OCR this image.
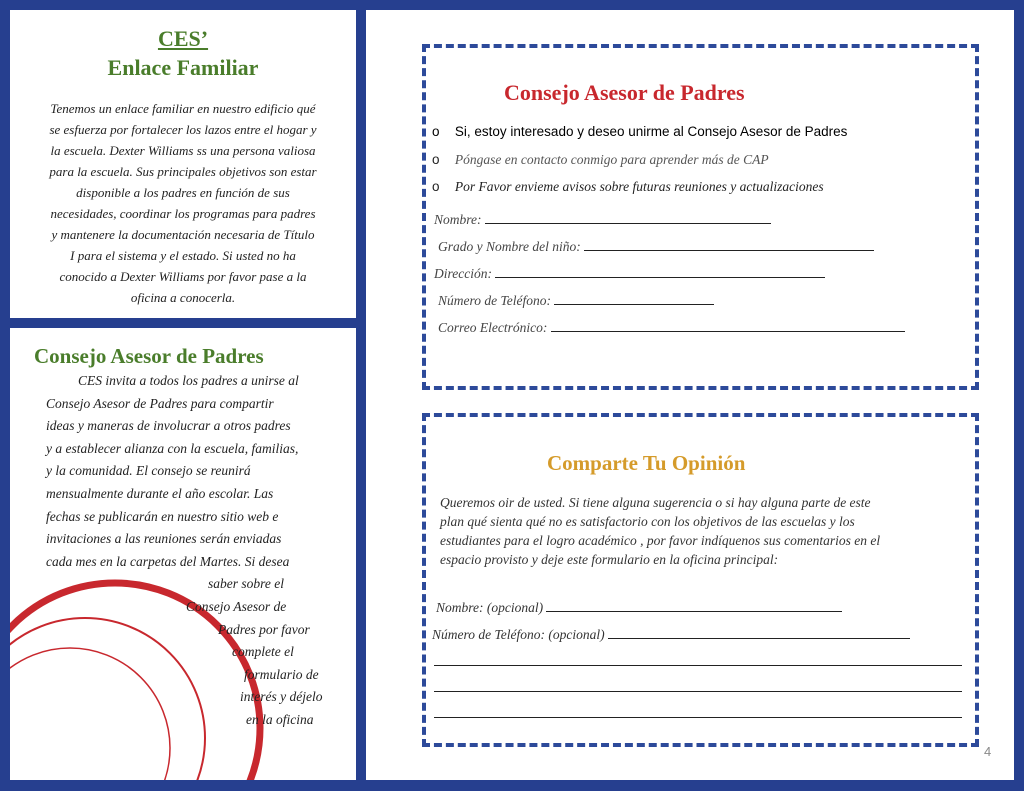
CES’
Enlace Familiar
Tenemos un enlace familiar en nuestro edificio qué
se esfuerza por fortalecer los lazos entre el hogar y
la escuela. Dexter Williams ss una persona valiosa
para la escuela. Sus principales objetivos son estar
disponible a los padres en función de sus
necesidades, coordinar los programas para padres
y mantenere la documentación necesaria de Título
I para el sistema y el estado. Si usted no ha
conocido a Dexter Williams por favor pase a la
oficina a conocerla.
Consejo Asesor de Padres
CES invita a todos los padres a unirse al
Consejo Asesor de Padres para compartir
ideas y maneras de involucrar a otros padres
y a establecer alianza con la escuela, familias,
y la comunidad. El consejo se reunirá
mensualmente durante el año escolar. Las
fechas se publicarán en nuestro sitio web e
invitaciones a las reuniones serán enviadas
cada mes en la carpetas del Martes. Si desea
saber sobre el
Consejo Asesor de
Padres por favor
complete el
formulario de
interés y déjelo
en la oficina
Consejo Asesor de Padres
o Si, estoy interesado y deseo unirme al Consejo Asesor de Padres
o Póngase en contacto conmigo para aprender más de CAP
o Por Favor envieme avisos sobre futuras reuniones y actualizaciones
Nombre:
Grado y Nombre del niño:
Dirección:
Número de Teléfono:
Correo Electrónico:
Comparte Tu Opinión
Queremos oir de usted. Si tiene alguna sugerencia o si hay alguna parte de este
plan qué sienta qué no es satisfactorio con los objetivos de las escuelas y los
estudiantes para el logro académico , por favor indíquenos sus comentarios en el
espacio provisto y deje este formulario en la oficina principal:
Nombre: (opcional)
Número de Teléfono: (opcional)
4
